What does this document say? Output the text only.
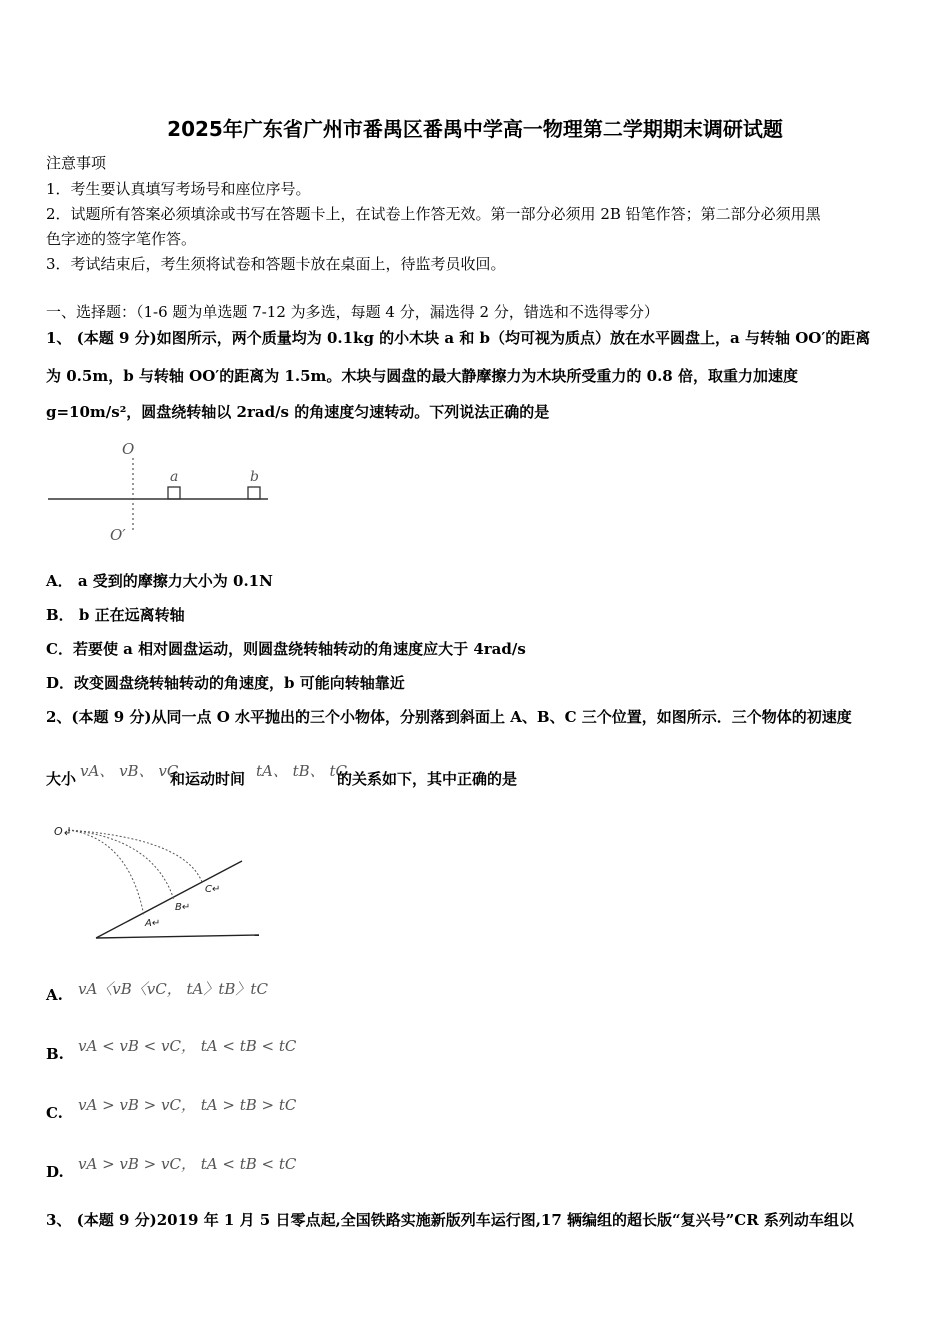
2025年广东省广州市番禺区番禺中学高一物理第二学期期末调研试题
注意事项
1．考生要认真填写考场号和座位序号。
2．试题所有答案必须填涂或书写在答题卡上，在试卷上作答无效。第一部分必须用 2B 铅笔作答；第二部分必须用黑
色字迹的签字笔作答。
3．考试结束后，考生须将试卷和答题卡放在桌面上，待监考员收回。
一、选择题：（1-6 题为单选题 7-12 为多选，每题 4 分，漏选得 2 分，错选和不选得零分）
1、 (本题 9 分)如图所示，两个质量均为 0.1kg 的小木块 a 和 b（均可视为质点）放在水平圆盘上，a 与转轴 OO′的距离
为 0.5m，b 与转轴 OO′的距离为 1.5m。木块与圆盘的最大静摩擦力为木块所受重力的 0.8 倍，取重力加速度
g=10m/s²，圆盘绕转轴以 2rad/s 的角速度匀速转动。下列说法正确的是
O
O′
a	b
A． a 受到的摩擦力大小为 0.1N
B． b 正在远离转轴
C．若要使 a 相对圆盘运动，则圆盘绕转轴转动的角速度应大于 4rad/s
D．改变圆盘绕转轴转动的角速度，b 可能向转轴靠近
2、(本题 9 分)从同一点 O 水平抛出的三个小物体，分别落到斜面上 A、B、C 三个位置，如图所示．三个物体的初速度
大小 vA、 vB、 vC
和运动时间 tA、 tB、 tC
的关系如下，其中正确的是
O↲
A↵
B↵
C↵
A. vA〈vB〈vC， tA〉tB〉tC
B. vA < vB < vC， tA < tB < tC
C. vA > vB > vC， tA > tB > tC
D. vA > vB > vC， tA < tB < tC
3、 (本题 9 分)2019 年 1 月 5 日零点起,全国铁路实施新版列车运行图,17 辆编组的超长版“复兴号”CR 系列动车组以
